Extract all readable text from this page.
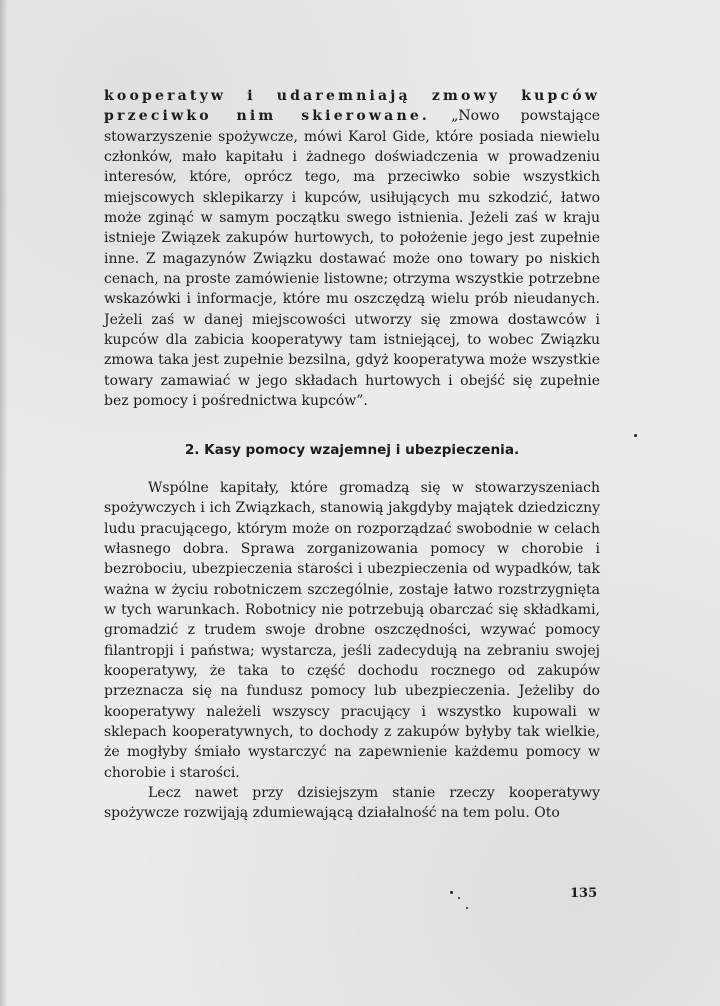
kooperatyw i udaremniają zmowy kupców przeciwko nim skierowane. „Nowo powstające stowarzyszenie spożywcze, mówi Karol Gide, które posiada niewielu członków, mało kapitału i żadnego doświadczenia w prowadzeniu interesów, które, oprócz tego, ma przeciwko sobie wszystkich miejscowych sklepikarzy i kupców, usiłujących mu szkodzić, łatwo może zginąć w samym początku swego istnienia. Jeżeli zaś w kraju istnieje Związek zakupów hurtowych, to położenie jego jest zupełnie inne. Z magazynów Związku dostawać może ono towary po niskich cenach, na proste zamówienie listowne; otrzyma wszystkie potrzebne wskazówki i informacje, które mu oszczędzą wielu prób nieudanych. Jeżeli zaś w danej miejscowości utworzy się zmowa dostawców i kupców dla zabicia kooperatywy tam istniejącej, to wobec Związku zmowa taka jest zupełnie bezsilna, gdyż kooperatywa może wszystkie towary zamawiać w jego składach hurtowych i obejść się zupełnie bez pomocy i pośrednictwa kupców”.

2. Kasy pomocy wzajemnej i ubezpieczenia.

Wspólne kapitały, które gromadzą się w stowarzyszeniach spożywczych i ich Związkach, stanowią jakgdyby majątek dziedziczny ludu pracującego, którym może on rozporządzać swobodnie w celach własnego dobra. Sprawa zorganizowania pomocy w chorobie i bezrobociu, ubezpieczenia starości i ubezpieczenia od wypadków, tak ważna w życiu robotniczem szczególnie, zostaje łatwo rozstrzygnięta w tych warunkach. Robotnicy nie potrzebują obarczać się składkami, gromadzić z trudem swoje drobne oszczędności, wzywać pomocy filantropji i państwa; wystarcza, jeśli zadecydują na zebraniu swojej kooperatywy, że taka to część dochodu rocznego od zakupów przeznacza się na fundusz pomocy lub ubezpieczenia. Jeżeliby do kooperatywy należeli wszyscy pracujący i wszystko kupowali w sklepach kooperatywnych, to dochody z zakupów byłyby tak wielkie, że mogłyby śmiało wystarczyć na zapewnienie każdemu pomocy w chorobie i starości.

Lecz nawet przy dzisiejszym stanie rzeczy kooperatywy spożywcze rozwijają zdumiewającą działalność na tem polu. Oto

135
